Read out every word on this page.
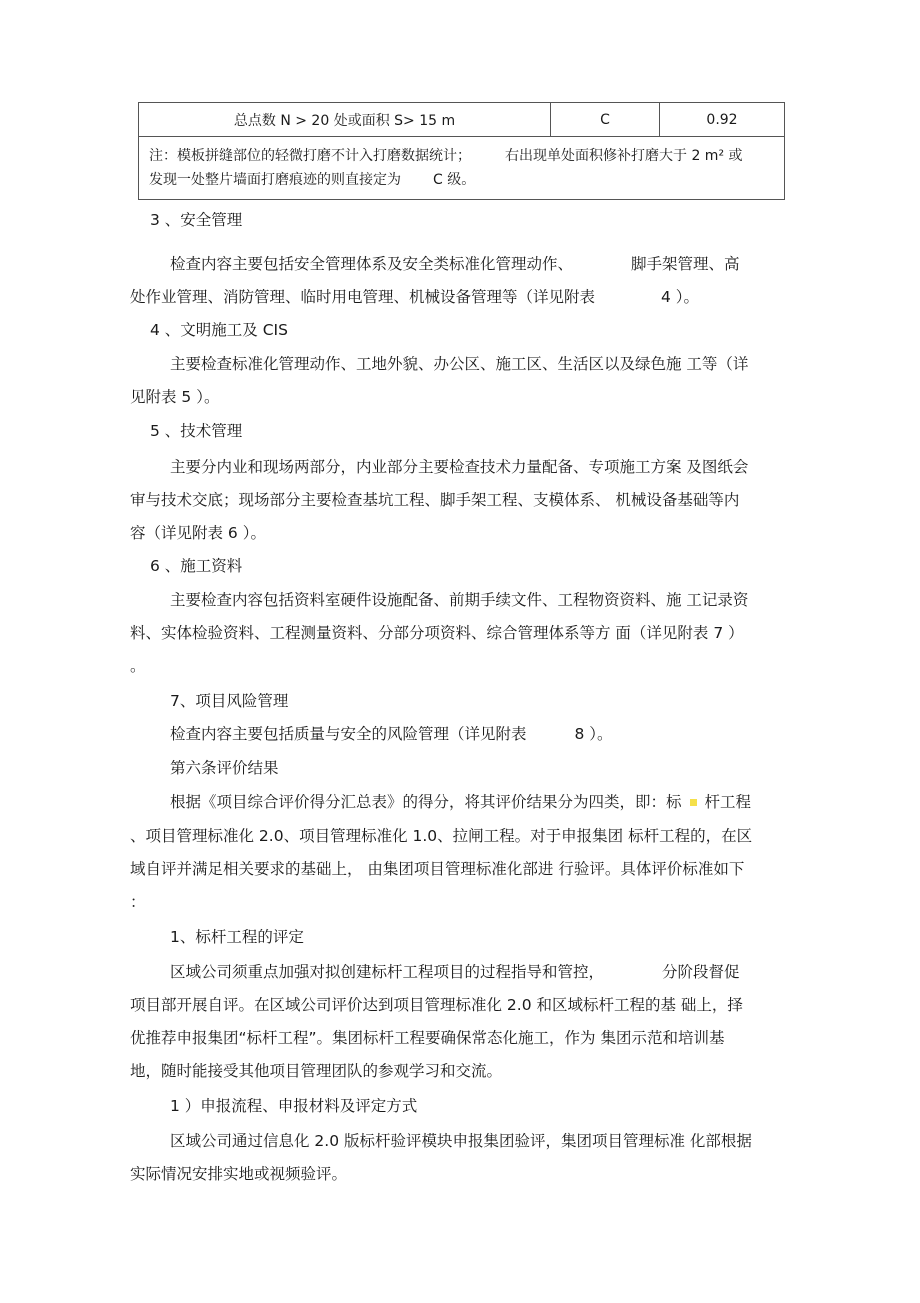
总点数 N > 20 处或面积 S> 15 m	C	0.92
注：模板拼缝部位的轻微打磨不计入打磨数据统计； 右出现单处面积修补打磨大于 2 m² 或
发现一处整片墙面打磨痕迹的则直接定为 C 级。
3 、安全管理
检查内容主要包括安全管理体系及安全类标准化管理动作、	脚手架管理、高
处作业管理、消防管理、临时用电管理、机械设备管理等（详见附表	4 ）。
4 、文明施工及 CIS
主要检查标准化管理动作、工地外貌、办公区、施工区、生活区以及绿色施 工等（详
见附表 5 ）。
5 、技术管理
主要分内业和现场两部分，内业部分主要检查技术力量配备、专项施工方案 及图纸会
审与技术交底；现场部分主要检查基坑工程、脚手架工程、支模体系、 机械设备基础等内
容（详见附表 6 ）。
6 、施工资料
主要检查内容包括资料室硬件设施配备、前期手续文件、工程物资资料、施 工记录资
料、实体检验资料、工程测量资料、分部分项资料、综合管理体系等方 面（详见附表 7 ）
。
7、项目风险管理
检查内容主要包括质量与安全的风险管理（详见附表	8 ）。
第六条评价结果
根据《项目综合评价得分汇总表》的得分，将其评价结果分为四类，即：标 杆工程
、项目管理标准化 2.0、项目管理标准化 1.0、拉闸工程。对于申报集团 标杆工程的，在区
域自评并满足相关要求的基础上， 由集团项目管理标准化部进 行验评。具体评价标准如下
：
1、标杆工程的评定
区域公司须重点加强对拟创建标杆工程项目的过程指导和管控，	分阶段督促
项目部开展自评。在区域公司评价达到项目管理标准化 2.0 和区域标杆工程的基 础上，择
优推荐申报集团“标杆工程”。集团标杆工程要确保常态化施工，作为 集团示范和培训基
地，随时能接受其他项目管理团队的参观学习和交流。
1 ）申报流程、申报材料及评定方式
区域公司通过信息化 2.0 版标杆验评模块申报集团验评，集团项目管理标准 化部根据
实际情况安排实地或视频验评。
